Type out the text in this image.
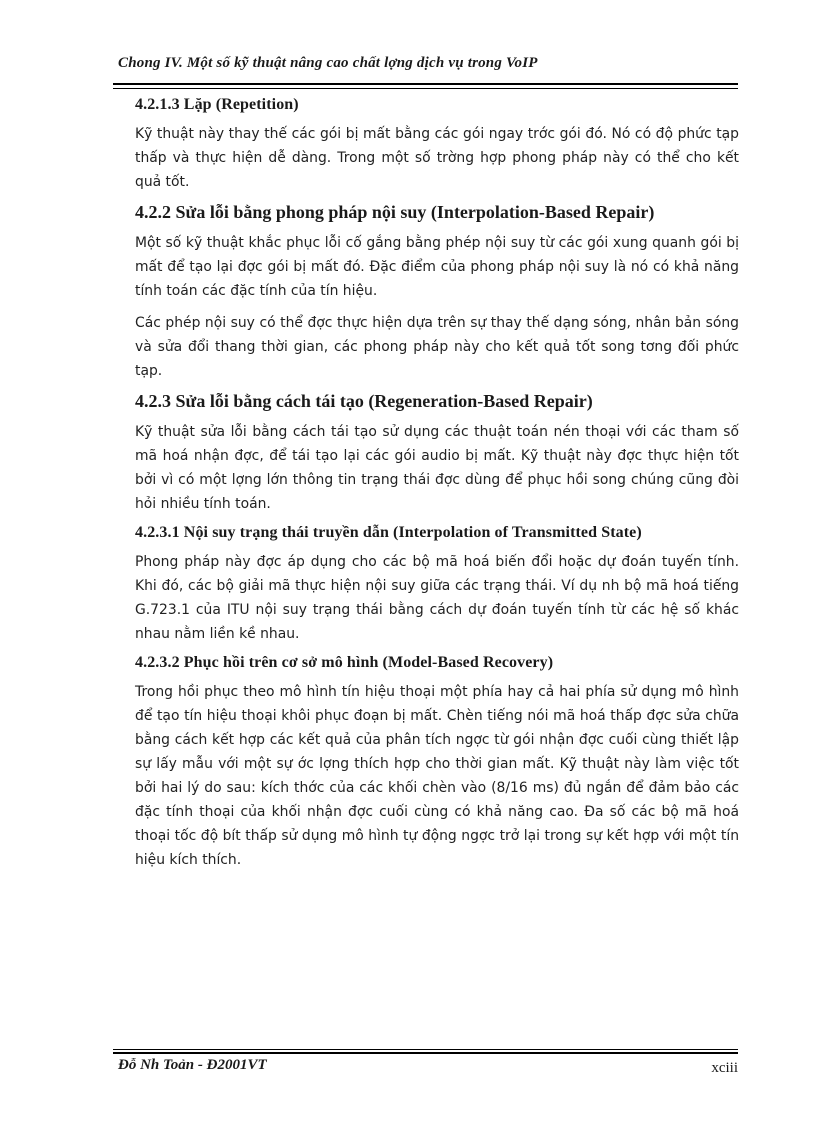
Chong IV. Một số kỹ thuật nâng cao chất lợng dịch vụ trong VoIP
4.2.1.3 Lặp (Repetition)

Kỹ thuật này thay thế các gói bị mất bằng các gói ngay trớc gói đó. Nó có độ phức tạp thấp và thực hiện dễ dàng. Trong một số trờng hợp phong pháp này có thể cho kết quả tốt.

4.2.2 Sửa lỗi bằng phong pháp nội suy (Interpolation-Based Repair)

Một số kỹ thuật khắc phục lỗi cố gắng bằng phép nội suy từ các gói xung quanh gói bị mất để tạo lại đợc gói bị mất đó. Đặc điểm của phong pháp nội suy là nó có khả năng tính toán các đặc tính của tín hiệu.

Các phép nội suy có thể đợc thực hiện dựa trên sự thay thế dạng sóng, nhân bản sóng và sửa đổi thang thời gian, các phong pháp này cho kết quả tốt song tơng đối phức tạp.

4.2.3 Sửa lỗi bằng cách tái tạo (Regeneration-Based Repair)

Kỹ thuật sửa lỗi bằng cách tái tạo sử dụng các thuật toán nén thoại với các tham số mã hoá nhận đợc, để tái tạo lại các gói audio bị mất. Kỹ thuật này đợc thực hiện tốt bởi vì có một lợng lớn thông tin trạng thái đợc dùng để phục hồi song chúng cũng đòi hỏi nhiều tính toán.

4.2.3.1 Nội suy trạng thái truyền dẫn (Interpolation of Transmitted State)

Phong pháp này đợc áp dụng cho các bộ mã hoá biến đổi hoặc dự đoán tuyến tính. Khi đó, các bộ giải mã thực hiện nội suy giữa các trạng thái. Ví dụ nh bộ mã hoá tiếng G.723.1 của ITU nội suy trạng thái bằng cách dự đoán tuyến tính từ các hệ số khác nhau nằm liền kề nhau.

4.2.3.2 Phục hồi trên cơ sở mô hình (Model-Based Recovery)

Trong hồi phục theo mô hình tín hiệu thoại một phía hay cả hai phía sử dụng mô hình để tạo tín hiệu thoại khôi phục đoạn bị mất. Chèn tiếng nói mã hoá thấp đợc sửa chữa bằng cách kết hợp các kết quả của phân tích ngợc từ gói nhận đợc cuối cùng thiết lập sự lấy mẫu với một sự ớc lợng thích hợp cho thời gian mất. Kỹ thuật này làm việc tốt bởi hai lý do sau: kích thớc của các khối chèn vào (8/16 ms) đủ ngắn để đảm bảo các đặc tính thoại của khối nhận đợc cuối cùng có khả năng cao. Đa số các bộ mã hoá thoại tốc độ bít thấp sử dụng mô hình tự động ngợc trở lại trong sự kết hợp với một tín hiệu kích thích.

Đỗ Nh Toản - Đ2001VT	xciii
